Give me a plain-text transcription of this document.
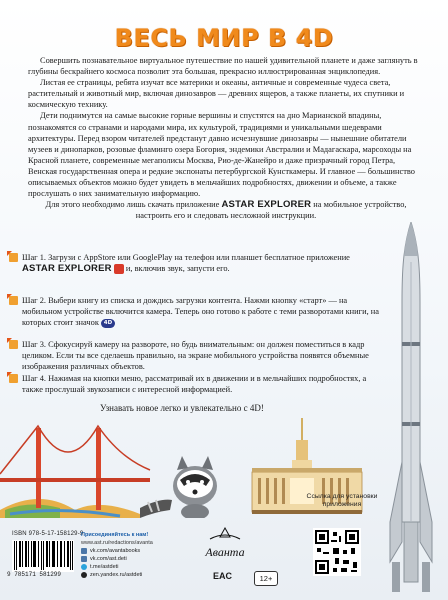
ВЕСЬ МИР В 4D

Совершить познавательное виртуальное путешествие по нашей удивительной планете и даже заглянуть в глубины бескрайнего космоса позволит эта большая, прекрасно иллюстрированная энциклопедия.

Листая ее страницы, ребята изучат все материки и океаны, античные и современные чудеса света, растительный и животный мир, включая динозавров — древних ящеров, а также планеты, их спутники и космическую технику.

Дети поднимутся на самые высокие горные вершины и спустятся на дно Марианской впадины, познакомятся со странами и народами мира, их культурой, традициями и уникальными шедеврами архитектуры. Перед взором читателей предстанут давно исчезнувшие динозавры — нынешние обитатели музеев и динопарков, розовые фламинго озера Богория, эндемики Австралии и Мадагаскара, марсоходы на Красной планете, современные мегаполисы Москва, Рио-де-Жанейро и даже призрачный город Петра, Венская государственная опера и редкие экспонаты петербургской Кунсткамеры. И главное — большинство описываемых объектов можно будет увидеть в мельчайших подробностях, движении и объеме, а также прослушать о них занимательную информацию.

Для этого необходимо лишь скачать приложение ASTAR EXPLORER на мобильное устройство, настроить его и следовать несложной инструкции.

Шаг 1. Загрузи с AppStore или GooglePlay на телефон или планшет бесплатное приложение ASTAR EXPLORER и, включив звук, запусти его.
Шаг 2. Выбери книгу из списка и дождись загрузки контента. Нажми кнопку «старт» — на мобильном устройстве включится камера. Теперь оно готово к работе с теми разворотами книги, на которых стоит значок 4D
Шаг 3. Сфокусируй камеру на развороте, но будь внимательным: он должен поместиться в кадр целиком. Если ты все сделаешь правильно, на экране мобильного устройства появятся объемные изображения различных объектов.
Шаг 4. Нажимая на кнопки меню, рассматривай их в движении и в мельчайших подробностях, а также прослушай звукозаписи с интересной информацией.
Узнавать новое легко и увлекательно с 4D!
ISBN 978-5-17-158129-9
9 785171 581299
Присоединяйтесь к нам!
www.ast.ru/redactions/avanta
vk.com/avantabooks
vk.com/ast.deti
t.me/astdeti
zen.yandex.ru/astdeti
Аванта
EAC	12+
Ссылка для установки приложения
